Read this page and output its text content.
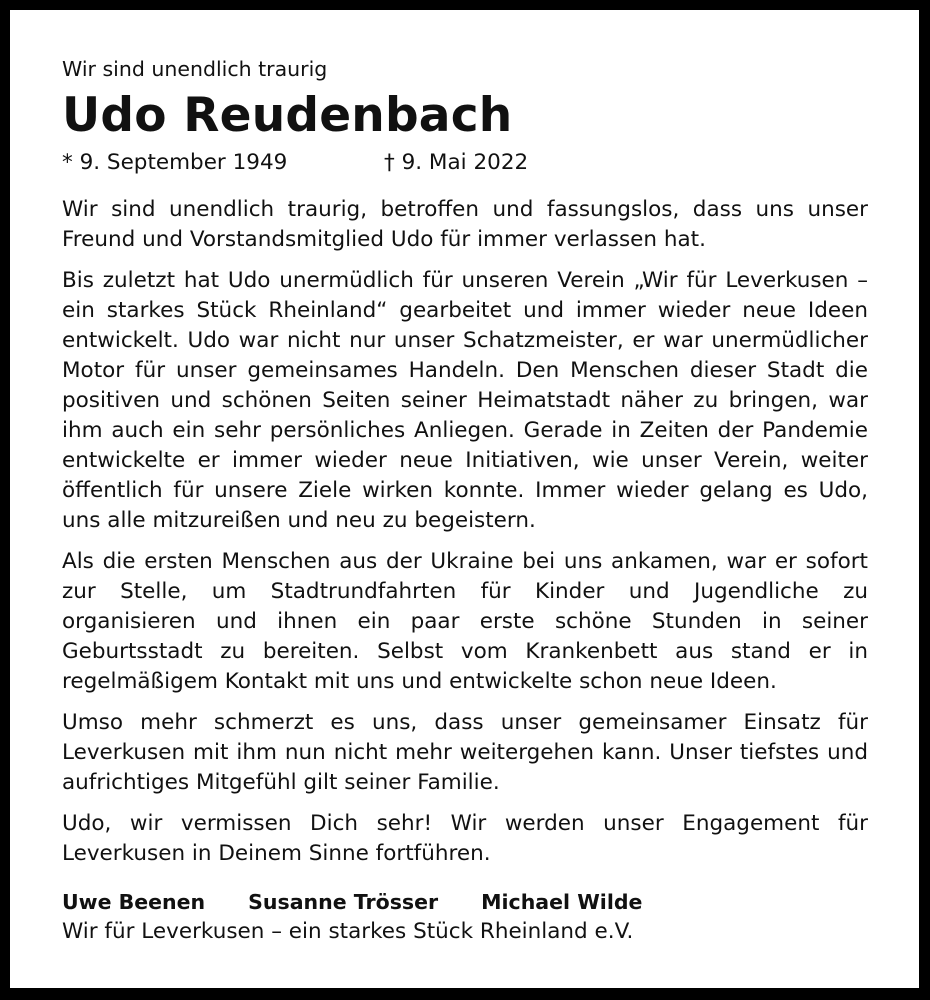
Wir sind unendlich traurig

Udo Reudenbach
* 9. September 1949	† 9. Mai 2022

Wir sind unendlich traurig, betroffen und fassungslos, dass uns unser Freund und Vorstandsmitglied Udo für immer verlassen hat.

Bis zuletzt hat Udo unermüdlich für unseren Verein „Wir für Leverkusen – ein starkes Stück Rheinland“ gearbeitet und immer wieder neue Ideen entwickelt. Udo war nicht nur unser Schatzmeister, er war unermüdlicher Motor für unser gemeinsames Handeln. Den Menschen dieser Stadt die positiven und schönen Seiten seiner Heimatstadt näher zu bringen, war ihm auch ein sehr persönliches Anliegen. Gerade in Zeiten der Pandemie entwickelte er immer wieder neue Initiativen, wie unser Verein, weiter öffentlich für unsere Ziele wirken konnte. Immer wieder gelang es Udo, uns alle mitzureißen und neu zu begeistern.

Als die ersten Menschen aus der Ukraine bei uns ankamen, war er sofort zur Stelle, um Stadtrundfahrten für Kinder und Jugendliche zu organisieren und ihnen ein paar erste schöne Stunden in seiner Geburtsstadt zu bereiten. Selbst vom Krankenbett aus stand er in regelmäßigem Kontakt mit uns und entwickelte schon neue Ideen.

Umso mehr schmerzt es uns, dass unser gemeinsamer Einsatz für Leverkusen mit ihm nun nicht mehr weitergehen kann. Unser tiefstes und aufrichtiges Mitgefühl gilt seiner Familie.

Udo, wir vermissen Dich sehr! Wir werden unser Engagement für Leverkusen in Deinem Sinne fortführen.

Uwe Beenen Susanne Trösser Michael Wilde

Wir für Leverkusen – ein starkes Stück Rheinland e.V.
